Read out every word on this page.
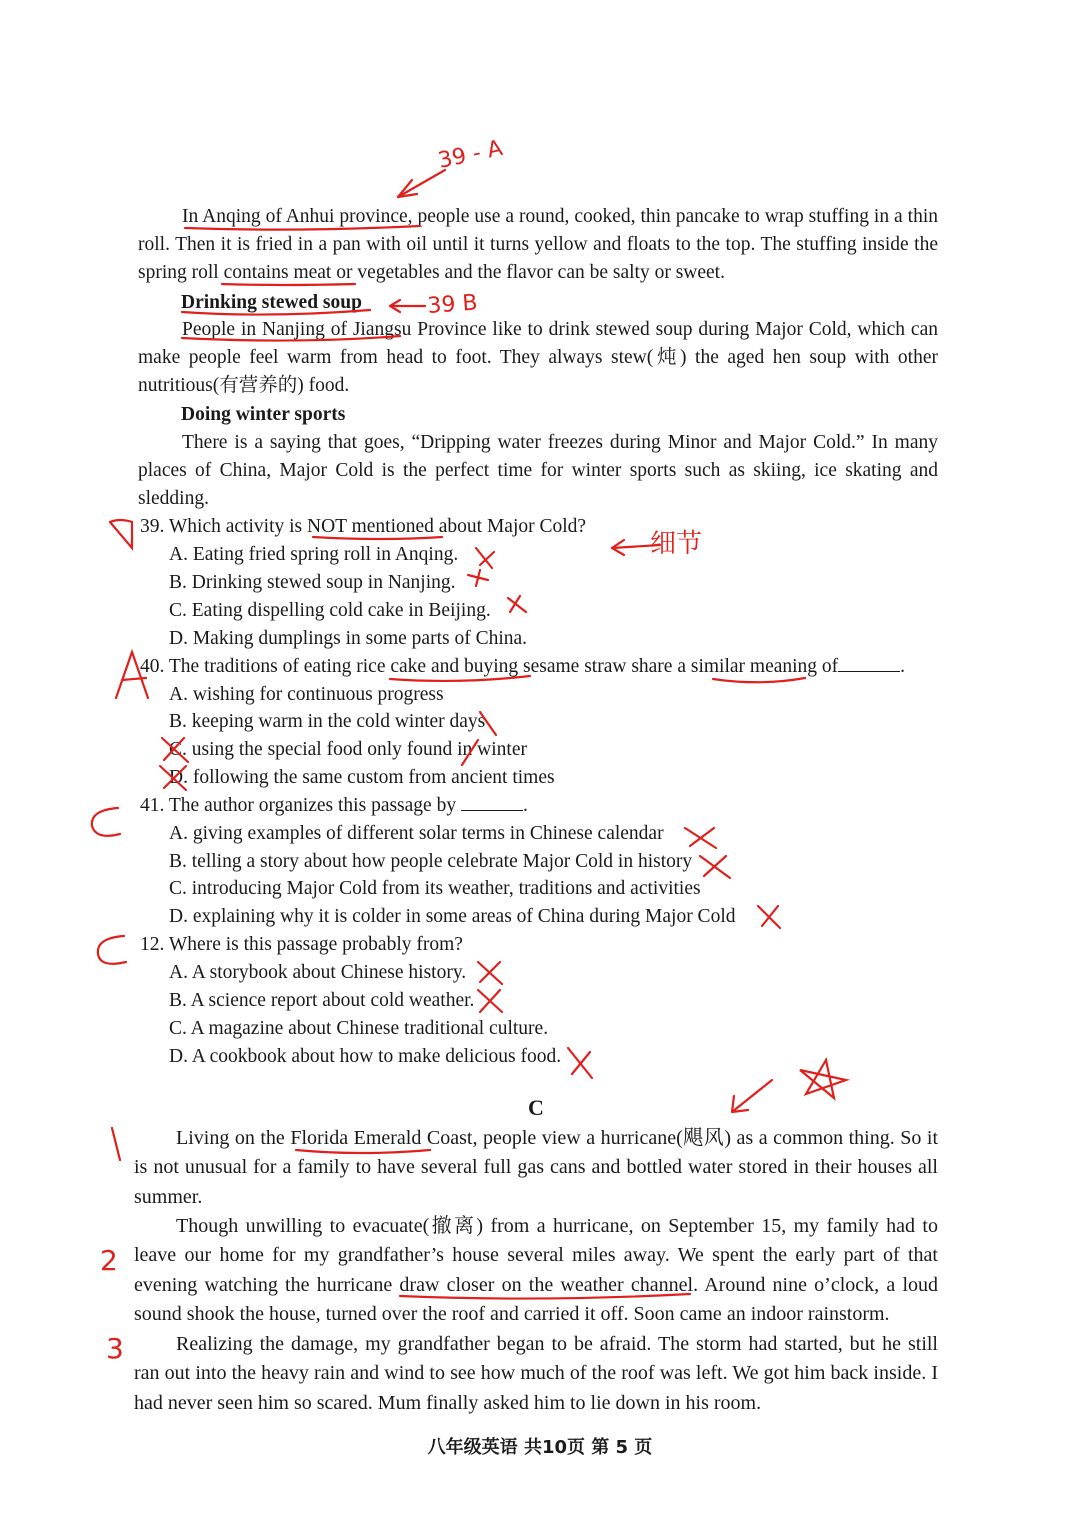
In Anqing of Anhui province, people use a round, cooked, thin pancake to wrap stuffing in a thin roll. Then it is fried in a pan with oil until it turns yellow and floats to the top. The stuffing inside the spring roll contains meat or vegetables and the flavor can be salty or sweet.

Drinking stewed soup

People in Nanjing of Jiangsu Province like to drink stewed soup during Major Cold, which can make people feel warm from head to foot. They always stew(炖) the aged hen soup with other nutritious(有营养的) food.

Doing winter sports

There is a saying that goes, “Dripping water freezes during Minor and Major Cold.” In many places of China, Major Cold is the perfect time for winter sports such as skiing, ice skating and sledding.

39. Which activity is NOT mentioned about Major Cold?
A. Eating fried spring roll in Anqing.
B. Drinking stewed soup in Nanjing.
C. Eating dispelling cold cake in Beijing.
D. Making dumplings in some parts of China.
40. The traditions of eating rice cake and buying sesame straw share a similar meaning of	.
A. wishing for continuous progress
B. keeping warm in the cold winter days
C. using the special food only found in winter
D. following the same custom from ancient times
41. The author organizes this passage by	.
A. giving examples of different solar terms in Chinese calendar
B. telling a story about how people celebrate Major Cold in history
C. introducing Major Cold from its weather, traditions and activities
D. explaining why it is colder in some areas of China during Major Cold
12. Where is this passage probably from?
A. A storybook about Chinese history.
B. A science report about cold weather.
C. A magazine about Chinese traditional culture.
D. A cookbook about how to make delicious food.
C

Living on the Florida Emerald Coast, people view a hurricane(飓风) as a common thing. So it is not unusual for a family to have several full gas cans and bottled water stored in their houses all summer.

Though unwilling to evacuate(撤离) from a hurricane, on September 15, my family had to leave our home for my grandfather’s house several miles away. We spent the early part of that evening watching the hurricane draw closer on the weather channel. Around nine o’clock, a loud sound shook the house, turned over the roof and carried it off. Soon came an indoor rainstorm.

Realizing the damage, my grandfather began to be afraid. The storm had started, but he still ran out into the heavy rain and wind to see how much of the roof was left. We got him back inside. I had never seen him so scared. Mum finally asked him to lie down in his room.

八年级英语 共10页 第 5 页
39 - A
39 B
细节
2
3
